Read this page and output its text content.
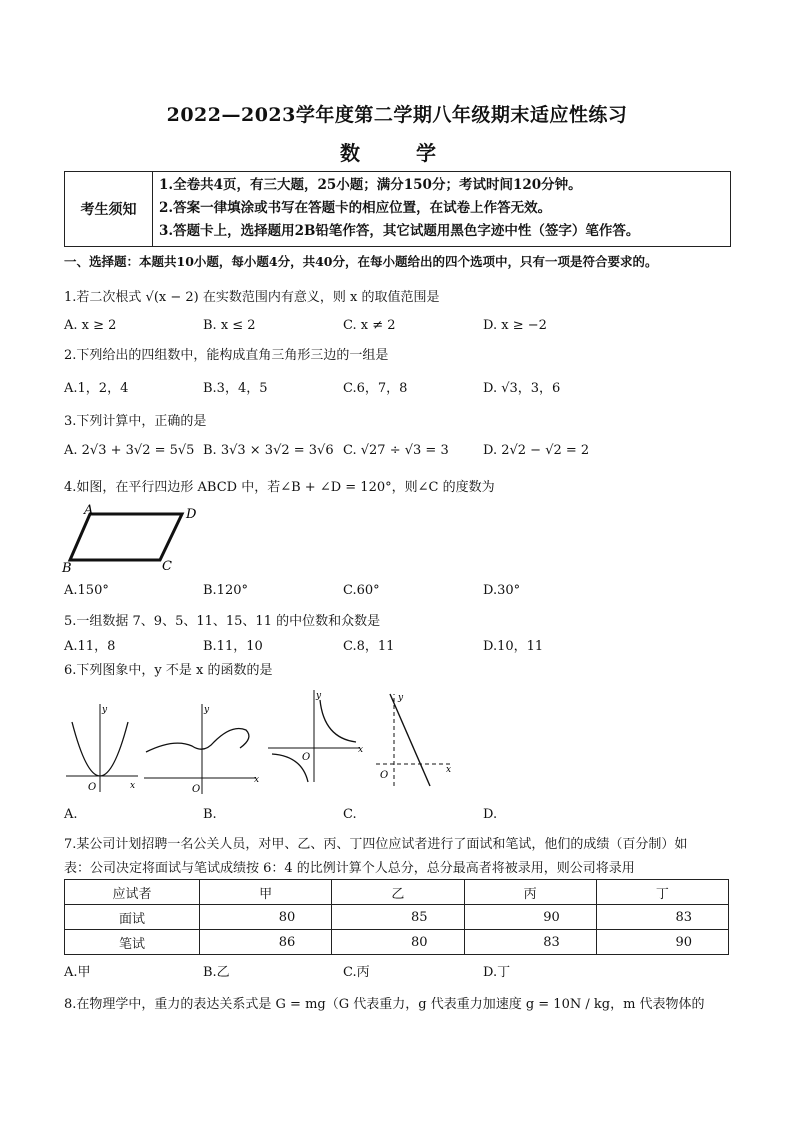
2022—2023学年度第二学期八年级期末适应性练习
数　学
考生须知
1.全卷共4页，有三大题，25小题；满分150分；考试时间120分钟。
2.答案一律填涂或书写在答题卡的相应位置，在试卷上作答无效。
3.答题卡上，选择题用2B铅笔作答，其它试题用黑色字迹中性（签字）笔作答。
一、选择题：本题共10小题，每小题4分，共40分，在每小题给出的四个选项中，只有一项是符合要求的。
1.若二次根式 √(x − 2) 在实数范围内有意义，则 x 的取值范围是
A. x ≥ 2	B. x ≤ 2	C. x ≠ 2	D. x ≥ −2
2.下列给出的四组数中，能构成直角三角形三边的一组是
A.1，2，4	B.3，4，5	C.6，7，8	D. √3，3，6
3.下列计算中，正确的是
A. 2√3 + 3√2 = 5√5 B. 3√3 × 3√2 = 3√6 C. √27 ÷ √3 = 3	D. 2√2 − √2 = 2
4.如图，在平行四边形 ABCD 中，若∠B + ∠D = 120°，则∠C 的度数为
A	D
B	C
A.150°	B.120°	C.60°	D.30°
5.一组数据 7、9、5、11、15、11 的中位数和众数是
A.11，8	B.11，10	C.8，11	D.10，11
6.下列图象中，y 不是 x 的函数的是
y
O	x
y
O
x
y
O
x
y
O	x
A.	B.	C.	D.
7.某公司计划招聘一名公关人员，对甲、乙、丙、丁四位应试者进行了面试和笔试，他们的成绩（百分制）如
表：公司决定将面试与笔试成绩按 6：4 的比例计算个人总分，总分最高者将被录用，则公司将录用
应试者	甲	乙	丙	丁
面试	80	85	90	83
笔试	86	80	83	90
A.甲	B.乙	C.丙	D.丁
8.在物理学中，重力的表达关系式是 G = mg（G 代表重力，g 代表重力加速度 g = 10N / kg，m 代表物体的
